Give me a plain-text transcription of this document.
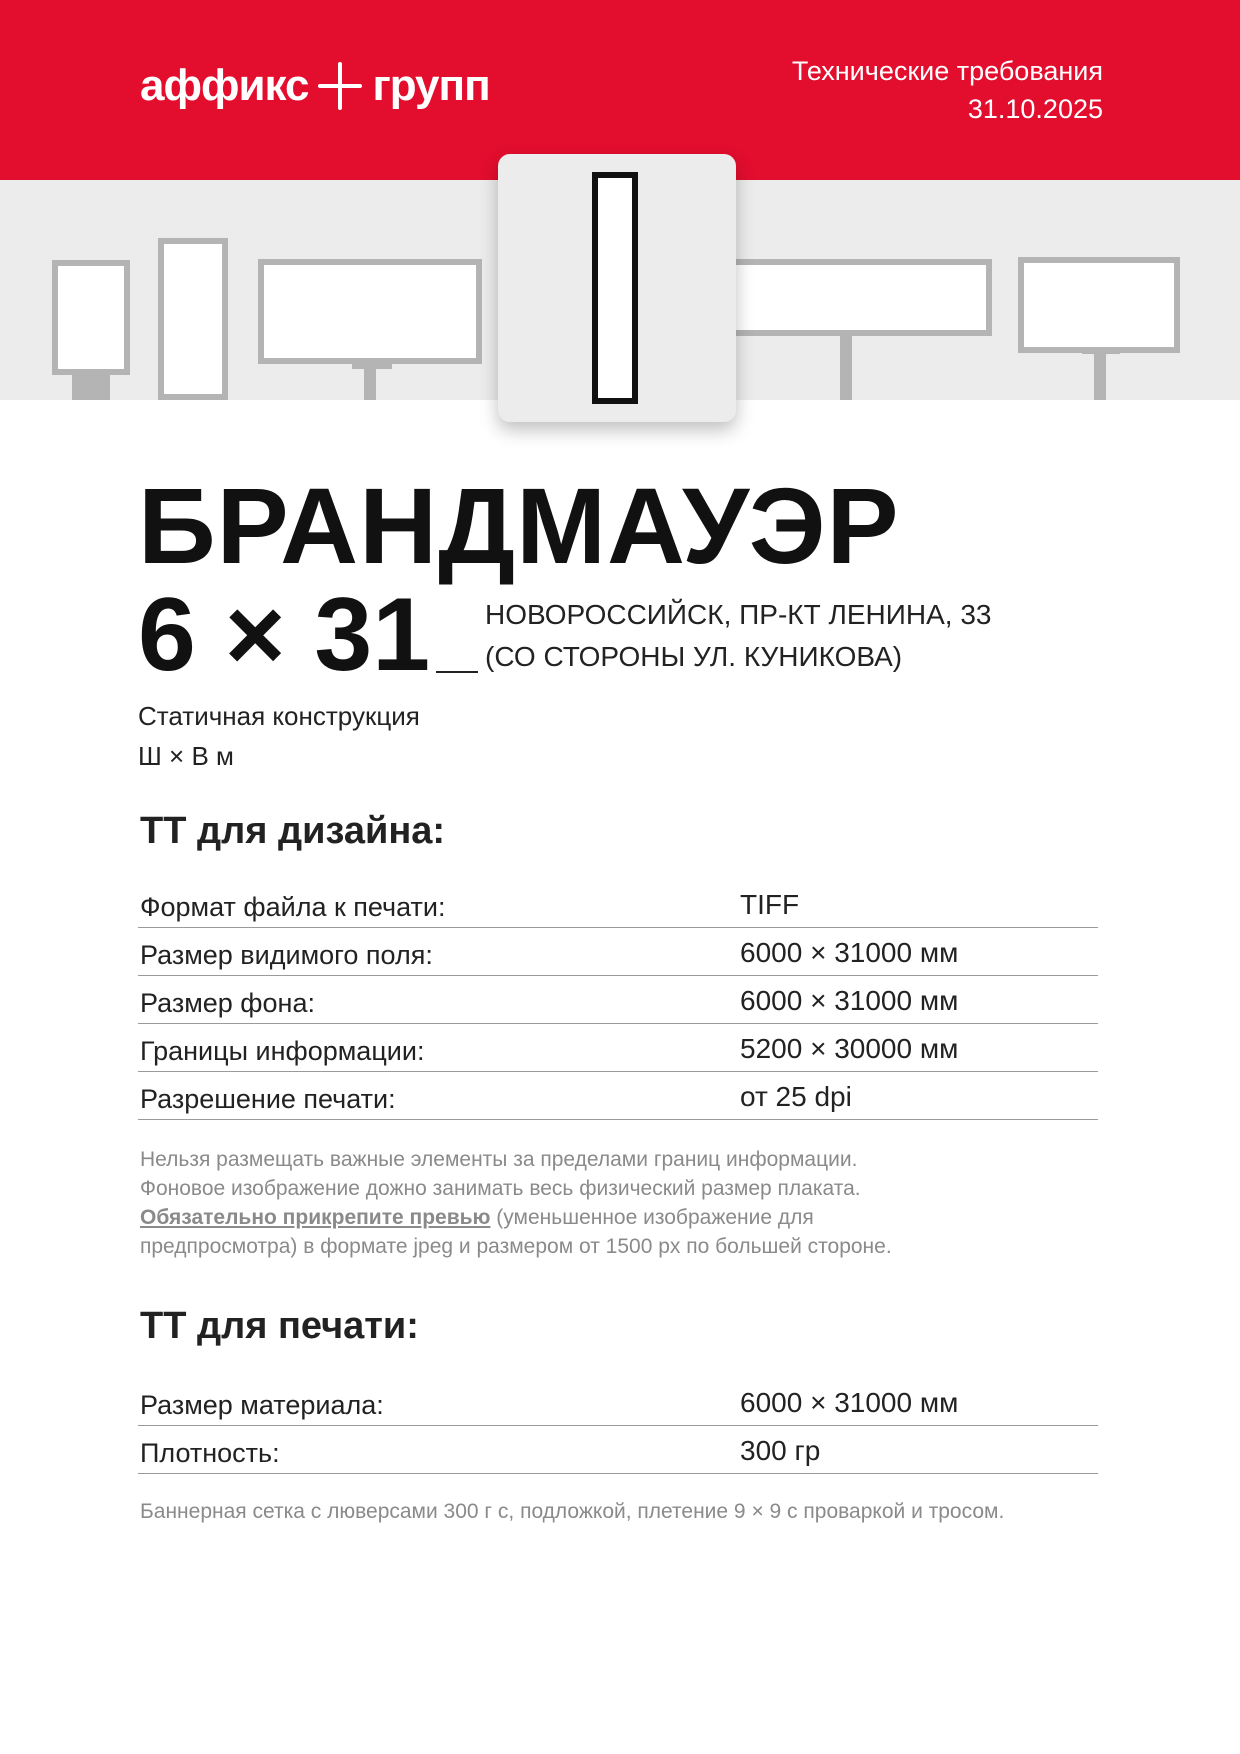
аффикс групп	Технические требования
31.10.2025
БРАНДМАУЭР
6 × 31 НОВОРОССИЙСК, ПР-КТ ЛЕНИНА, 33
(СО СТОРОНЫ УЛ. КУНИКОВА)
Статичная конструкция
Ш × В м
ТТ для дизайна:
Формат файла к печати:	TIFF
Размер видимого поля:	6000 × 31000 мм
Размер фона:	6000 × 31000 мм
Границы информации:	5200 × 30000 мм
Разрешение печати:	от 25 dpi
Нельзя размещать важные элементы за пределами границ информации.
Фоновое изображение дожно занимать весь физический размер плаката.
Обязательно прикрепите превью (уменьшенное изображение для
предпросмотра) в формате jpeg и размером от 1500 px по большей стороне.
ТТ для печати:
Размер материала:	6000 × 31000 мм
Плотность:	300 гр
Баннерная сетка с люверсами 300 г с, подложкой, плетение 9 × 9 с проваркой и тросом.
